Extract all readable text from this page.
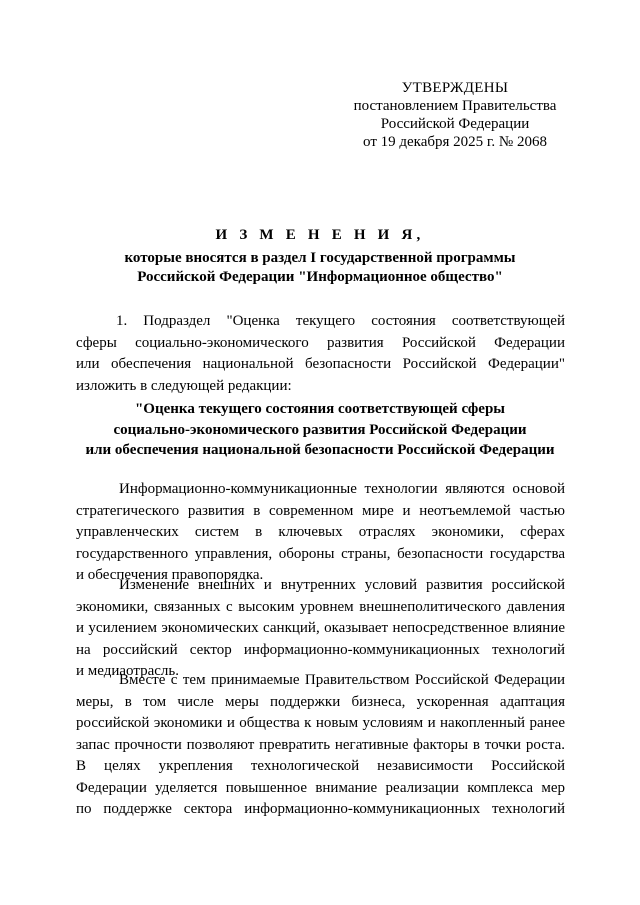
УТВЕРЖДЕНЫ
постановлением Правительства
Российской Федерации
от 19 декабря 2025 г. № 2068
И З М Е Н Е Н И Я,
которые вносятся в раздел I государственной программы
Российской Федерации "Информационное общество"
1. Подраздел "Оценка текущего состояния соответствующей
сферы социально-экономического развития Российской Федерации
или обеспечения национальной безопасности Российской Федерации"
изложить в следующей редакции:
"Оценка текущего состояния соответствующей сферы
социально-экономического развития Российской Федерации
или обеспечения национальной безопасности Российской Федерации
Информационно-коммуникационные технологии являются основой
стратегического развития в современном мире и неотъемлемой частью
управленческих систем в ключевых отраслях экономики, сферах
государственного управления, обороны страны, безопасности государства
и обеспечения правопорядка.
Изменение внешних и внутренних условий развития российской
экономики, связанных с высоким уровнем внешнеполитического давления
и усилением экономических санкций, оказывает непосредственное влияние
на российский сектор информационно-коммуникационных технологий
и медиаотрасль.
Вместе с тем принимаемые Правительством Российской Федерации
меры, в том числе меры поддержки бизнеса, ускоренная адаптация
российской экономики и общества к новым условиям и накопленный ранее
запас прочности позволяют превратить негативные факторы в точки роста.
В целях укрепления технологической независимости Российской
Федерации уделяется повышенное внимание реализации комплекса мер
по поддержке сектора информационно-коммуникационных технологий
